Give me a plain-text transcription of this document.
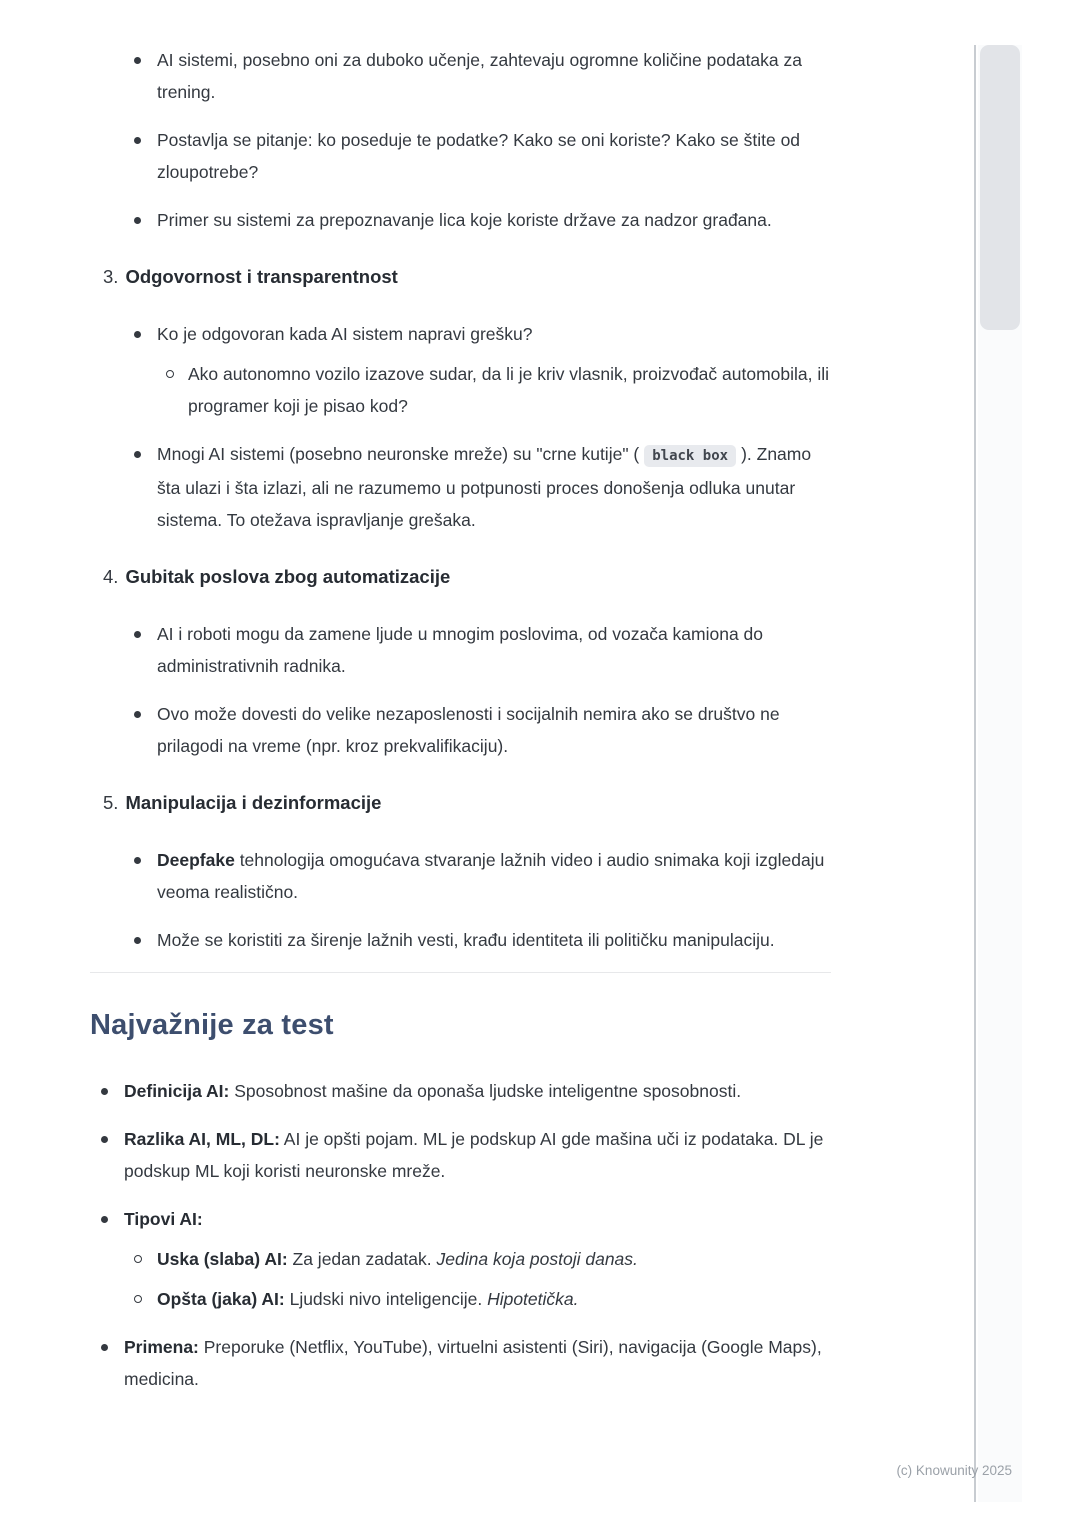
AI sistemi, posebno oni za duboko učenje, zahtevaju ogromne količine podataka za trening.
Postavlja se pitanje: ko poseduje te podatke? Kako se oni koriste? Kako se štite od zloupotrebe?
Primer su sistemi za prepoznavanje lica koje koriste države za nadzor građana.
3. Odgovornost i transparentnost
Ko je odgovoran kada AI sistem napravi grešku?
Ako autonomno vozilo izazove sudar, da li je kriv vlasnik, proizvođač automobila, ili programer koji je pisao kod?
Mnogi AI sistemi (posebno neuronske mreže) su "crne kutije" ( black box ). Znamo šta ulazi i šta izlazi, ali ne razumemo u potpunosti proces donošenja odluka unutar sistema. To otežava ispravljanje grešaka.
4. Gubitak poslova zbog automatizacije
AI i roboti mogu da zamene ljude u mnogim poslovima, od vozača kamiona do administrativnih radnika.
Ovo može dovesti do velike nezaposlenosti i socijalnih nemira ako se društvo ne prilagodi na vreme (npr. kroz prekvalifikaciju).
5. Manipulacija i dezinformacije
Deepfake tehnologija omogućava stvaranje lažnih video i audio snimaka koji izgledaju veoma realistično.
Može se koristiti za širenje lažnih vesti, krađu identiteta ili političku manipulaciju.
Najvažnije za test
Definicija AI: Sposobnost mašine da oponaša ljudske inteligentne sposobnosti.
Razlika AI, ML, DL: AI je opšti pojam. ML je podskup AI gde mašina uči iz podataka. DL je podskup ML koji koristi neuronske mreže.
Tipovi AI:
Uska (slaba) AI: Za jedan zadatak. Jedina koja postoji danas.
Opšta (jaka) AI: Ljudski nivo inteligencije. Hipotetička.
Primena: Preporuke (Netflix, YouTube), virtuelni asistenti (Siri), navigacija (Google Maps), medicina.
(c) Knowunity 2025
